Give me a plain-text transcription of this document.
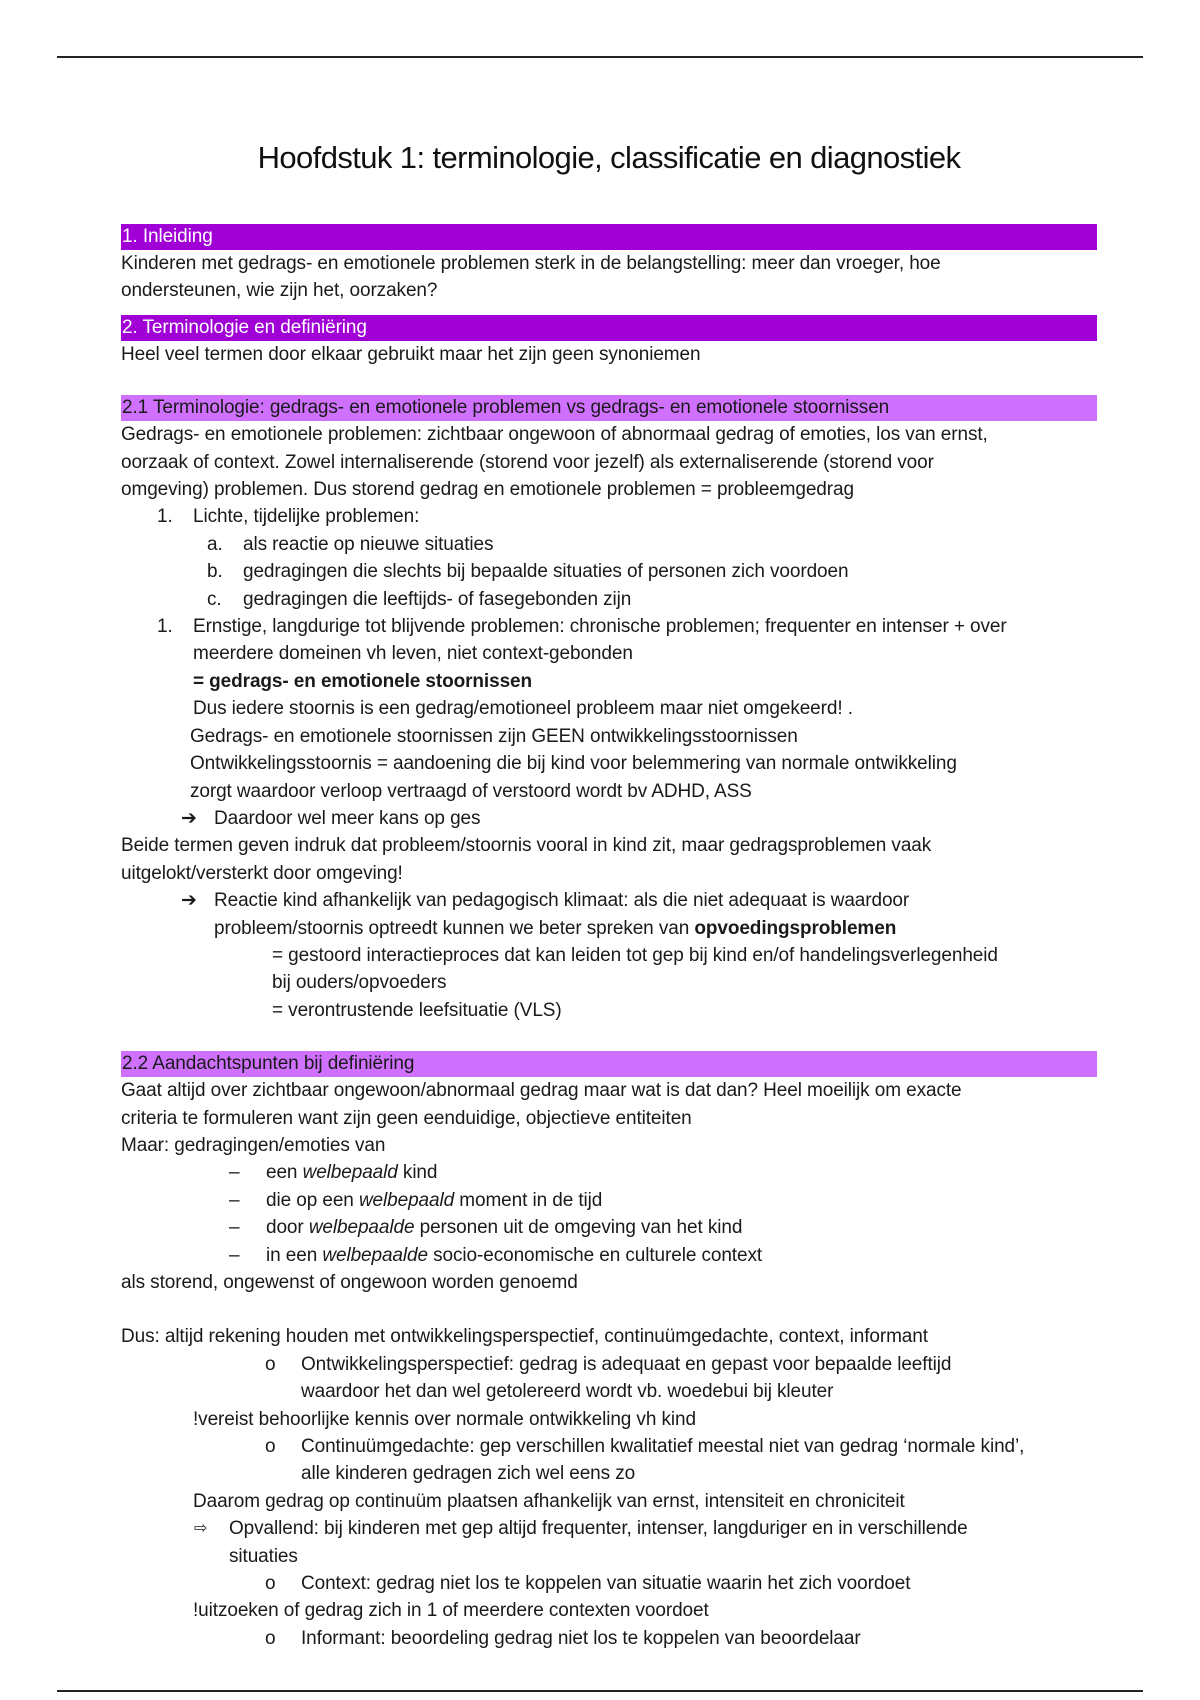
Hoofdstuk 1: terminologie, classificatie en diagnostiek
1. Inleiding

Kinderen met gedrags- en emotionele problemen sterk in de belangstelling: meer dan vroeger, hoe

ondersteunen, wie zijn het, oorzaken?

2. Terminologie en definiëring

Heel veel termen door elkaar gebruikt maar het zijn geen synoniemen

2.1 Terminologie: gedrags- en emotionele problemen vs gedrags- en emotionele stoornissen

Gedrags- en emotionele problemen: zichtbaar ongewoon of abnormaal gedrag of emoties, los van ernst,

oorzaak of context. Zowel internaliserende (storend voor jezelf) als externaliserende (storend voor

omgeving) problemen. Dus storend gedrag en emotionele problemen = probleemgedrag

1.	Lichte, tijdelijke problemen:

a.	als reactie op nieuwe situaties

b.	gedragingen die slechts bij bepaalde situaties of personen zich voordoen

c.	gedragingen die leeftijds- of fasegebonden zijn

1.	Ernstige, langdurige tot blijvende problemen: chronische problemen; frequenter en intenser + over

meerdere domeinen vh leven, niet context-gebonden

= gedrags- en emotionele stoornissen

Dus iedere stoornis is een gedrag/emotioneel probleem maar niet omgekeerd! .

Gedrags- en emotionele stoornissen zijn GEEN ontwikkelingsstoornissen

Ontwikkelingsstoornis = aandoening die bij kind voor belemmering van normale ontwikkeling

zorgt waardoor verloop vertraagd of verstoord wordt bv ADHD, ASS

➔ Daardoor wel meer kans op ges

Beide termen geven indruk dat probleem/stoornis vooral in kind zit, maar gedragsproblemen vaak

uitgelokt/versterkt door omgeving!

➔ Reactie kind afhankelijk van pedagogisch klimaat: als die niet adequaat is waardoor

probleem/stoornis optreedt kunnen we beter spreken van opvoedingsproblemen

= gestoord interactieproces dat kan leiden tot gep bij kind en/of handelingsverlegenheid

bij ouders/opvoeders

= verontrustende leefsituatie (VLS)

2.2 Aandachtspunten bij definiëring

Gaat altijd over zichtbaar ongewoon/abnormaal gedrag maar wat is dat dan? Heel moeilijk om exacte

criteria te formuleren want zijn geen eenduidige, objectieve entiteiten

Maar: gedragingen/emoties van

–	een welbepaald kind

–	die op een welbepaald moment in de tijd

–	door welbepaalde personen uit de omgeving van het kind

–	in een welbepaalde socio-economische en culturele context

als storend, ongewenst of ongewoon worden genoemd

Dus: altijd rekening houden met ontwikkelingsperspectief, continuümgedachte, context, informant

o	Ontwikkelingsperspectief: gedrag is adequaat en gepast voor bepaalde leeftijd

waardoor het dan wel getolereerd wordt vb. woedebui bij kleuter

!vereist behoorlijke kennis over normale ontwikkeling vh kind

o	Continuümgedachte: gep verschillen kwalitatief meestal niet van gedrag ‘normale kind’,

alle kinderen gedragen zich wel eens zo

Daarom gedrag op continuüm plaatsen afhankelijk van ernst, intensiteit en chroniciteit

⇨	Opvallend: bij kinderen met gep altijd frequenter, intenser, langduriger en in verschillende

situaties

o	Context: gedrag niet los te koppelen van situatie waarin het zich voordoet

!uitzoeken of gedrag zich in 1 of meerdere contexten voordoet

o	Informant: beoordeling gedrag niet los te koppelen van beoordelaar
